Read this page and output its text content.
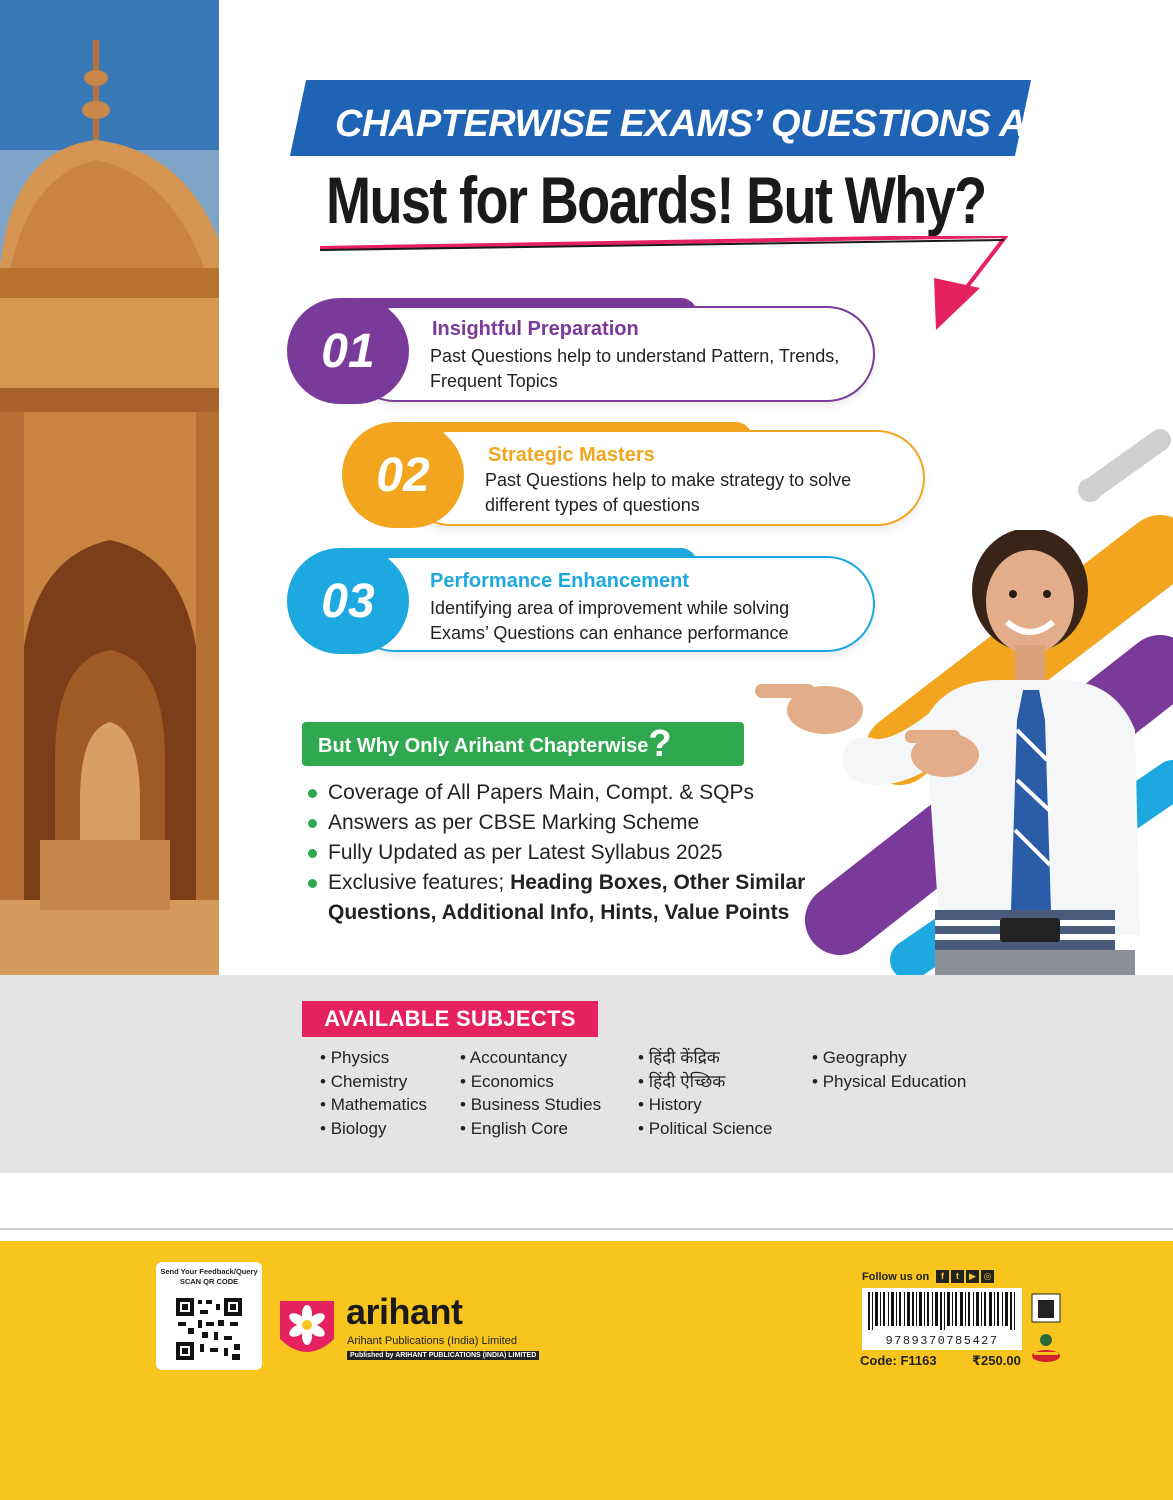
CHAPTERWISE EXAMS’ QUESTIONS ARE
Must for Boards! But Why?
01	Insightful Preparation
Past Questions help to understand Pattern, Trends, Frequent Topics
02	Strategic Masters
Past Questions help to make strategy to solve different types of questions
03	Performance Enhancement
Identifying area of improvement while solving Exams’ Questions can enhance performance
But Why Only Arihant Chapterwise?
Coverage of All Papers Main, Compt. & SQPs
Answers as per CBSE Marking Scheme
Fully Updated as per Latest Syllabus 2025
Exclusive features; Heading Boxes, Other Similar Questions, Additional Info, Hints, Value Points
AVAILABLE SUBJECTS
• Physics
• Chemistry
• Mathematics
• Biology
• Accountancy
• Economics
• Business Studies
• English Core
• हिंदी केंद्रिक
• हिंदी ऐच्छिक
• History
• Political Science
• Geography
• Physical Education
Send Your Feedback/Query
SCAN QR CODE
arihant
Arihant Publications (India) Limited
Published by ARIHANT PUBLICATIONS (INDIA) LIMITED
Follow us on	f	t	▶ ◎
9789370785427
Code: F1163	₹250.00
